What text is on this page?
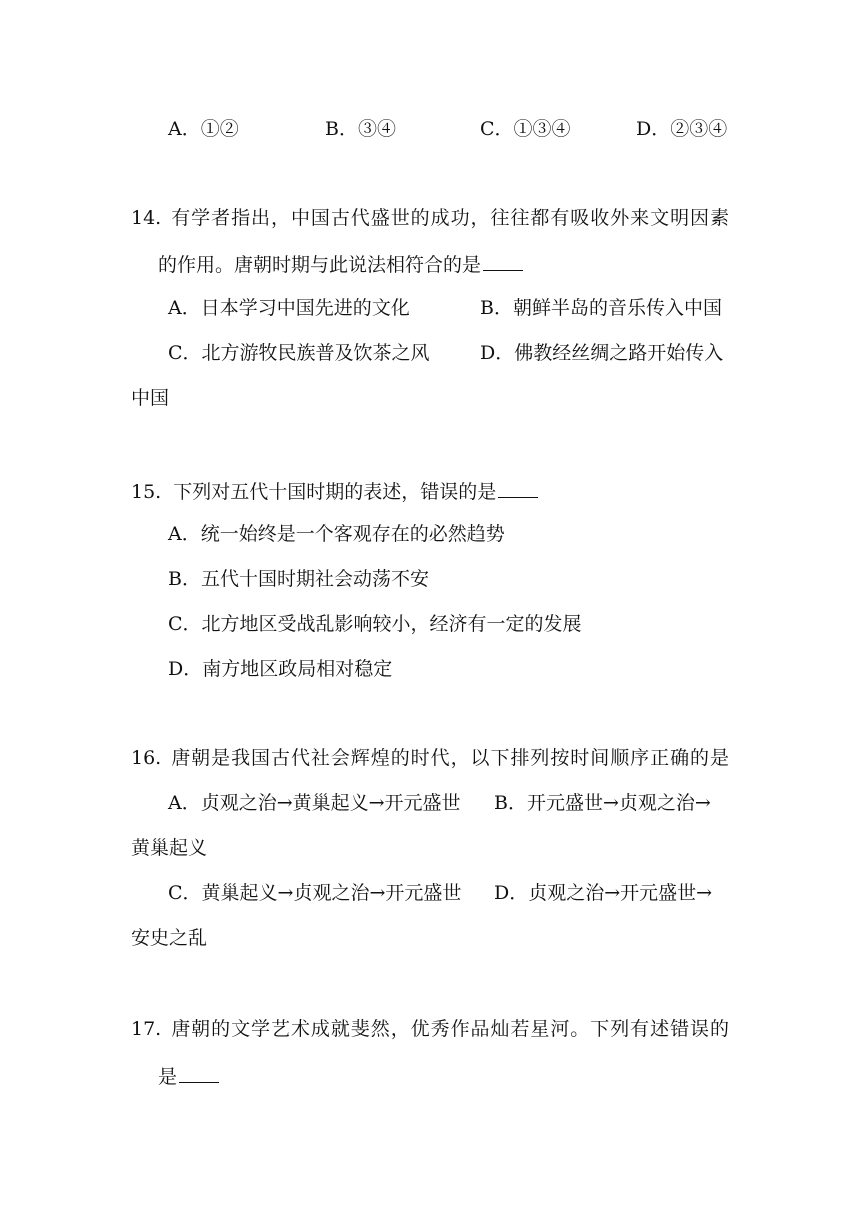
A．①②	B．③④	C．①③④	D．②③④
14. 有学者指出，中国古代盛世的成功，往往都有吸收外来文明因素
的作用。唐朝时期与此说法相符合的是
A．日本学习中国先进的文化	B．朝鲜半岛的音乐传入中国
C．北方游牧民族普及饮茶之风	D．佛教经丝绸之路开始传入
中国
15. 下列对五代十国时期的表述，错误的是
A．统一始终是一个客观存在的必然趋势
B．五代十国时期社会动荡不安
C．北方地区受战乱影响较小，经济有一定的发展
D．南方地区政局相对稳定
16. 唐朝是我国古代社会辉煌的时代，以下排列按时间顺序正确的是
A．贞观之治→黄巢起义→开元盛世 B．开元盛世→贞观之治→
黄巢起义
C．黄巢起义→贞观之治→开元盛世 D．贞观之治→开元盛世→
安史之乱
17. 唐朝的文学艺术成就斐然，优秀作品灿若星河。下列有述错误的
是
